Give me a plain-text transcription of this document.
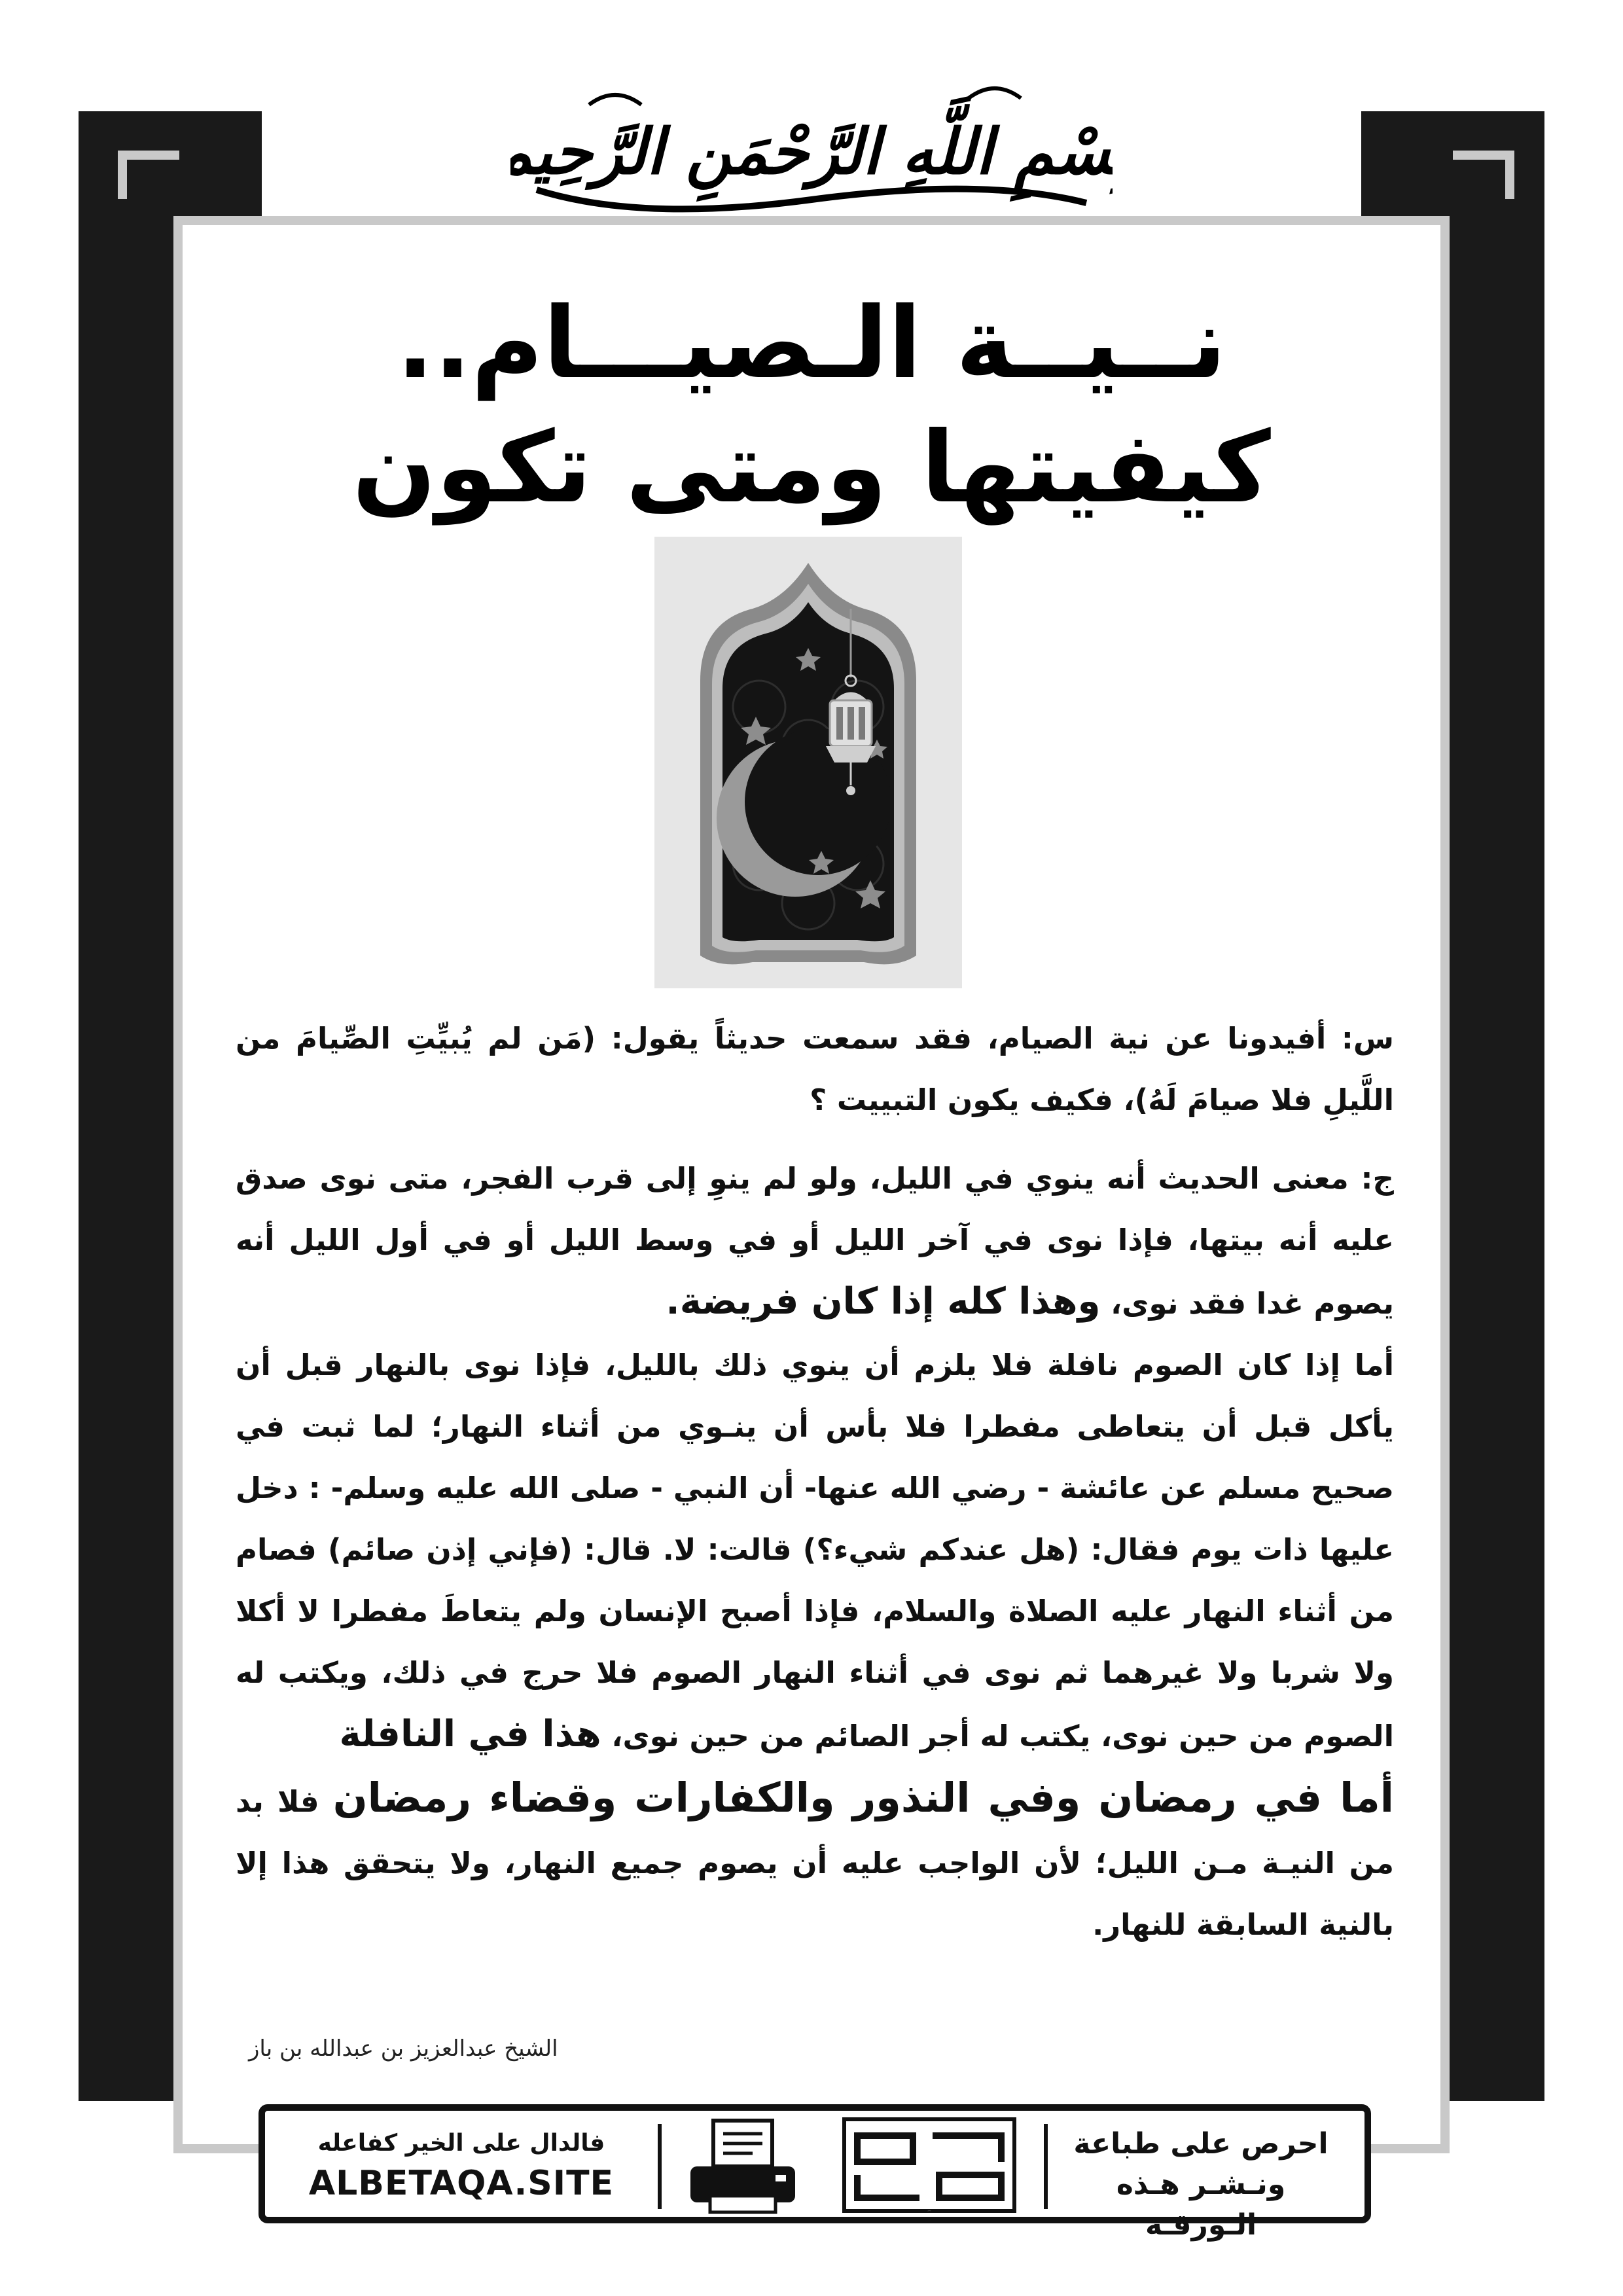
بِسْمِ اللَّهِ الرَّحْمَنِ الرَّحِيمِ
نــيــة الـصيـــام..
كيفيتها ومتى تكون

س: أفيدونا عن نية الصيام، فقد سمعت حديثاً يقول: (مَن لم يُبيِّتِ الصِّيامَ من اللَّيلِ فلا صيامَ لَهُ)، فكيف يكون التبييت ؟

ج: معنى الحديث أنه ينوي في الليل، ولو لم ينوِ إلى قرب الفجر، متى نوى صدق عليه أنه بيتها، فإذا نوى في آخر الليل أو في وسط الليل أو في أول الليل أنه يصوم غدا فقد نوى، وهذا كله إذا كان فريضة.

أما إذا كان الصوم نافلة فلا يلزم أن ينوي ذلك بالليل، فإذا نوى بالنهار قبل أن يأكل قبل أن يتعاطى مفطرا فلا بأس أن ينـوي من أثناء النهار؛ لما ثبت في صحيح مسلم عن عائشة - رضي الله عنها- أن النبي - صلى الله عليه وسلم- : دخل عليها ذات يوم فقال: (هل عندكم شيء؟) قالت: لا. قال: (فإني إذن صائم) فصام من أثناء النهار عليه الصلاة والسلام، فإذا أصبح الإنسان ولم يتعاطَ مفطرا لا أكلا ولا شربا ولا غيرهما ثم نوى في أثناء النهار الصوم فلا حرج في ذلك، ويكتب له الصوم من حين نوى، يكتب له أجر الصائم من حين نوى، هذا في النافلة

أما في رمضان وفي النذور والكفارات وقضاء رمضان فلا بد من النيـة مـن الليل؛ لأن الواجب عليه أن يصوم جميع النهار، ولا يتحقق هذا إلا بالنية السابقة للنهار.

الشيخ عبدالعزيز بن عبدالله بن باز
احرص على طباعة
ونـشـر هـذه الـورقـة
دعوة الورقة
فالدال على الخير كفاعله
ALBETAQA.SITE
